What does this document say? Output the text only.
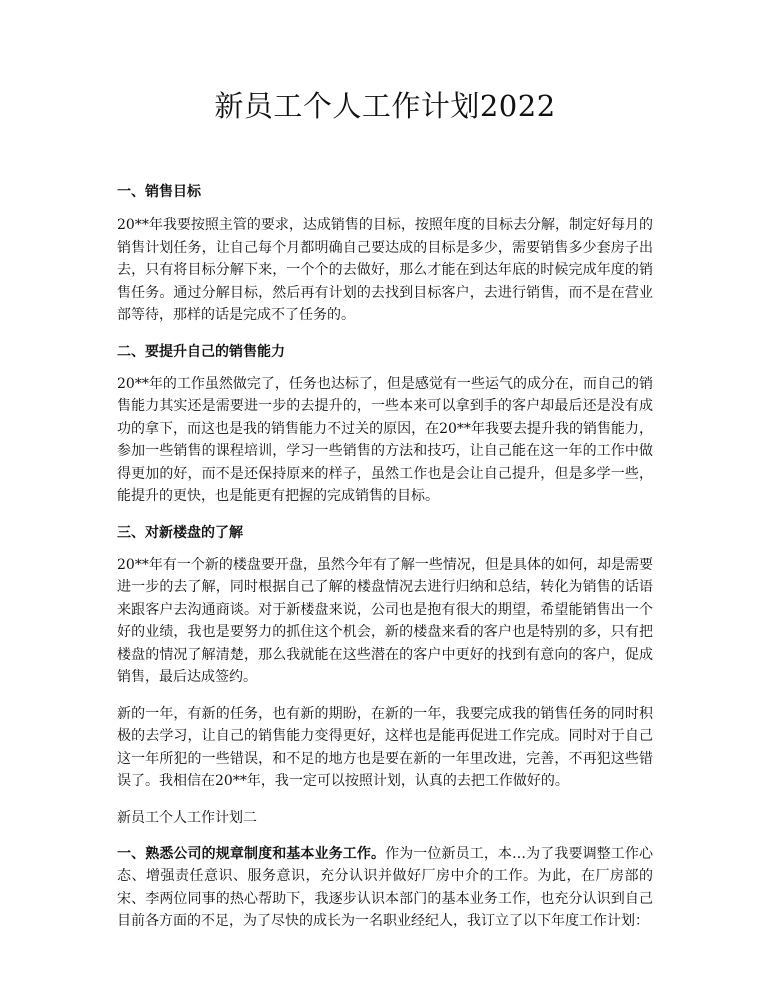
新员工个人工作计划2022
一、销售目标

20**年我要按照主管的要求，达成销售的目标，按照年度的目标去分解，制定好每月的销售计划任务，让自己每个月都明确自己要达成的目标是多少，需要销售多少套房子出去，只有将目标分解下来，一个个的去做好，那么才能在到达年底的时候完成年度的销售任务。通过分解目标，然后再有计划的去找到目标客户，去进行销售，而不是在营业部等待，那样的话是完成不了任务的。

二、要提升自己的销售能力

20**年的工作虽然做完了，任务也达标了，但是感觉有一些运气的成分在，而自己的销售能力其实还是需要进一步的去提升的，一些本来可以拿到手的客户却最后还是没有成功的拿下，而这也是我的销售能力不过关的原因，在20**年我要去提升我的销售能力，参加一些销售的课程培训，学习一些销售的方法和技巧，让自己能在这一年的工作中做得更加的好，而不是还保持原来的样子，虽然工作也是会让自己提升，但是多学一些，能提升的更快，也是能更有把握的完成销售的目标。

三、对新楼盘的了解

20**年有一个新的楼盘要开盘，虽然今年有了解一些情况，但是具体的如何，却是需要进一步的去了解，同时根据自己了解的楼盘情况去进行归纳和总结，转化为销售的话语来跟客户去沟通商谈。对于新楼盘来说，公司也是抱有很大的期望，希望能销售出一个好的业绩，我也是要努力的抓住这个机会，新的楼盘来看的客户也是特别的多，只有把楼盘的情况了解清楚，那么我就能在这些潜在的客户中更好的找到有意向的客户，促成销售，最后达成签约。

新的一年，有新的任务，也有新的期盼，在新的一年，我要完成我的销售任务的同时积极的去学习，让自己的销售能力变得更好，这样也是能再促进工作完成。同时对于自己这一年所犯的一些错误，和不足的地方也是要在新的一年里改进，完善，不再犯这些错误了。我相信在20**年，我一定可以按照计划，认真的去把工作做好的。

新员工个人工作计划二

一、熟悉公司的规章制度和基本业务工作。作为一位新员工，本…为了我要调整工作心态、增强责任意识、服务意识，充分认识并做好厂房中介的工作。为此，在厂房部的宋、李两位同事的热心帮助下，我逐步认识本部门的基本业务工作，也充分认识到自己目前各方面的不足，为了尽快的成长为一名职业经纪人，我订立了以下年度工作计划：
